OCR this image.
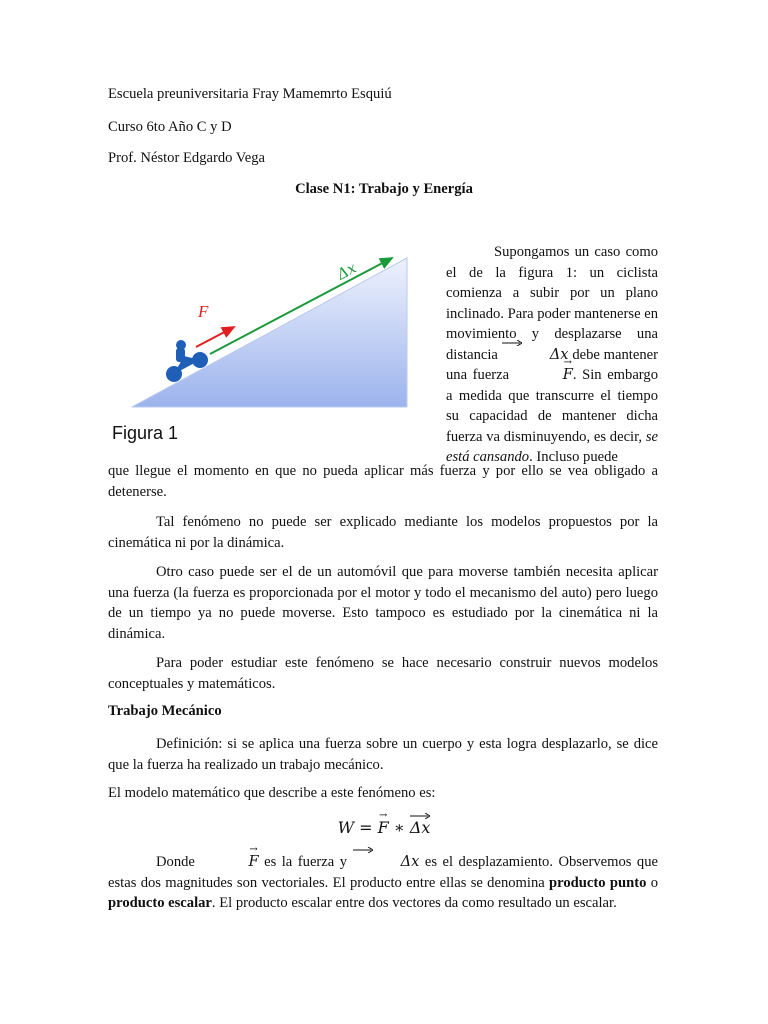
Escuela preuniversitaria Fray Mamemrto Esquiú
Curso 6to Año C y D
Prof. Néstor Edgardo Vega
Clase N1: Trabajo y Energía
F
Δx
Figura 1
Supongamos un caso como el de la figura 1: un ciclista comienza a subir por un plano inclinado. Para poder mantenerse en movimiento y desplazarse una distancia	Δx debe mantener una fuerza
→
F. Sin embargo a medida que transcurre el tiempo su capacidad de mantener dicha fuerza va disminuyendo, es decir, se está cansando. Incluso puede
que llegue el momento en que no pueda aplicar más fuerza y por ello se vea obligado a detenerse.
Tal fenómeno no puede ser explicado mediante los modelos propuestos por la cinemática ni por la dinámica.
Otro caso puede ser el de un automóvil que para moverse también necesita aplicar una fuerza (la fuerza es proporcionada por el motor y todo el mecanismo del auto) pero luego de un tiempo ya no puede moverse. Esto tampoco es estudiado por la cinemática ni la dinámica.
Para poder estudiar este fenómeno se hace necesario construir nuevos modelos conceptuales y matemáticos.
Trabajo Mecánico
Definición: si se aplica una fuerza sobre un cuerpo y esta logra desplazarlo, se dice que la fuerza ha realizado un trabajo mecánico.
El modelo matemático que describe a este fenómeno es:
W =
→
F ∗ Δx
Donde
→
F es la fuerza y	Δx es el desplazamiento. Observemos que estas dos magnitudes son vectoriales. El producto entre ellas se denomina producto punto o producto escalar. El producto escalar entre dos vectores da como resultado un escalar.
